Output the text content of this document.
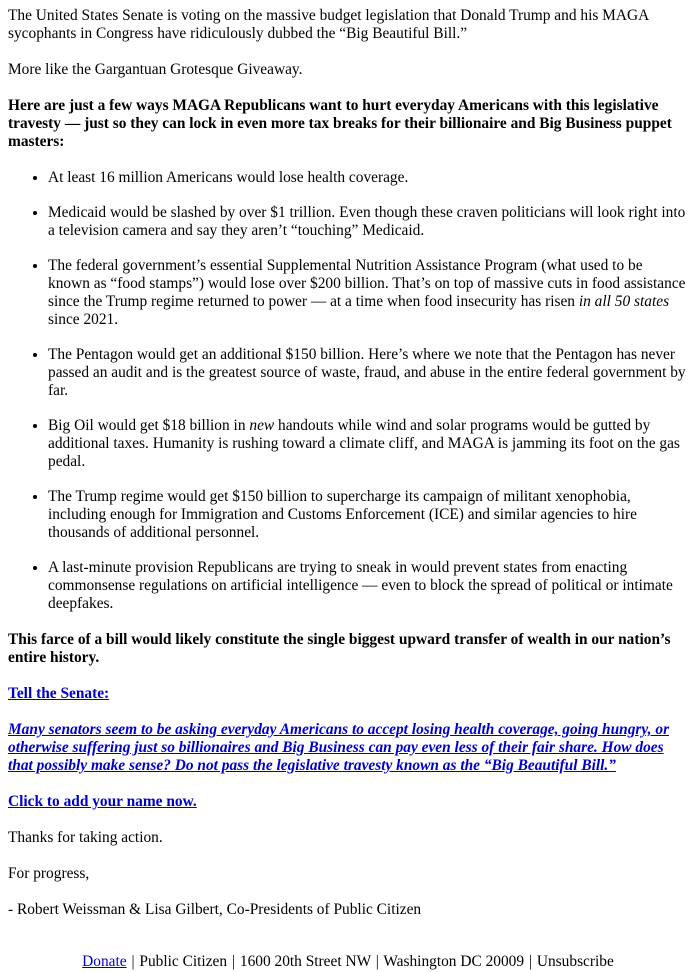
The United States Senate is voting on the massive budget legislation that Donald Trump and his MAGA sycophants in Congress have ridiculously dubbed the “Big Beautiful Bill.”

More like the Gargantuan Grotesque Giveaway.

Here are just a few ways MAGA Republicans want to hurt everyday Americans with this legislative travesty — just so they can lock in even more tax breaks for their billionaire and Big Business puppet masters:

• At least 16 million Americans would lose health coverage.
• Medicaid would be slashed by over $1 trillion. Even though these craven politicians will look right into a television camera and say they aren’t “touching” Medicaid.
• The federal government’s essential Supplemental Nutrition Assistance Program (what used to be known as “food stamps”) would lose over $200 billion. That’s on top of massive cuts in food assistance since the Trump regime returned to power — at a time when food insecurity has risen in all 50 states since 2021.
• The Pentagon would get an additional $150 billion. Here’s where we note that the Pentagon has never passed an audit and is the greatest source of waste, fraud, and abuse in the entire federal government by far.
• Big Oil would get $18 billion in new handouts while wind and solar programs would be gutted by additional taxes. Humanity is rushing toward a climate cliff, and MAGA is jamming its foot on the gas pedal.
• The Trump regime would get $150 billion to supercharge its campaign of militant xenophobia, including enough for Immigration and Customs Enforcement (ICE) and similar agencies to hire thousands of additional personnel.
• A last-minute provision Republicans are trying to sneak in would prevent states from enacting commonsense regulations on artificial intelligence — even to block the spread of political or intimate deepfakes.

This farce of a bill would likely constitute the single biggest upward transfer of wealth in our nation’s entire history.

Tell the Senate:

Many senators seem to be asking everyday Americans to accept losing health coverage, going hungry, or otherwise suffering just so billionaires and Big Business can pay even less of their fair share. How does that possibly make sense? Do not pass the legislative travesty known as the “Big Beautiful Bill.”

Click to add your name now.

Thanks for taking action.

For progress,

- Robert Weissman & Lisa Gilbert, Co-Presidents of Public Citizen

Donate | Public Citizen | 1600 20th Street NW | Washington DC 20009 | Unsubscribe
